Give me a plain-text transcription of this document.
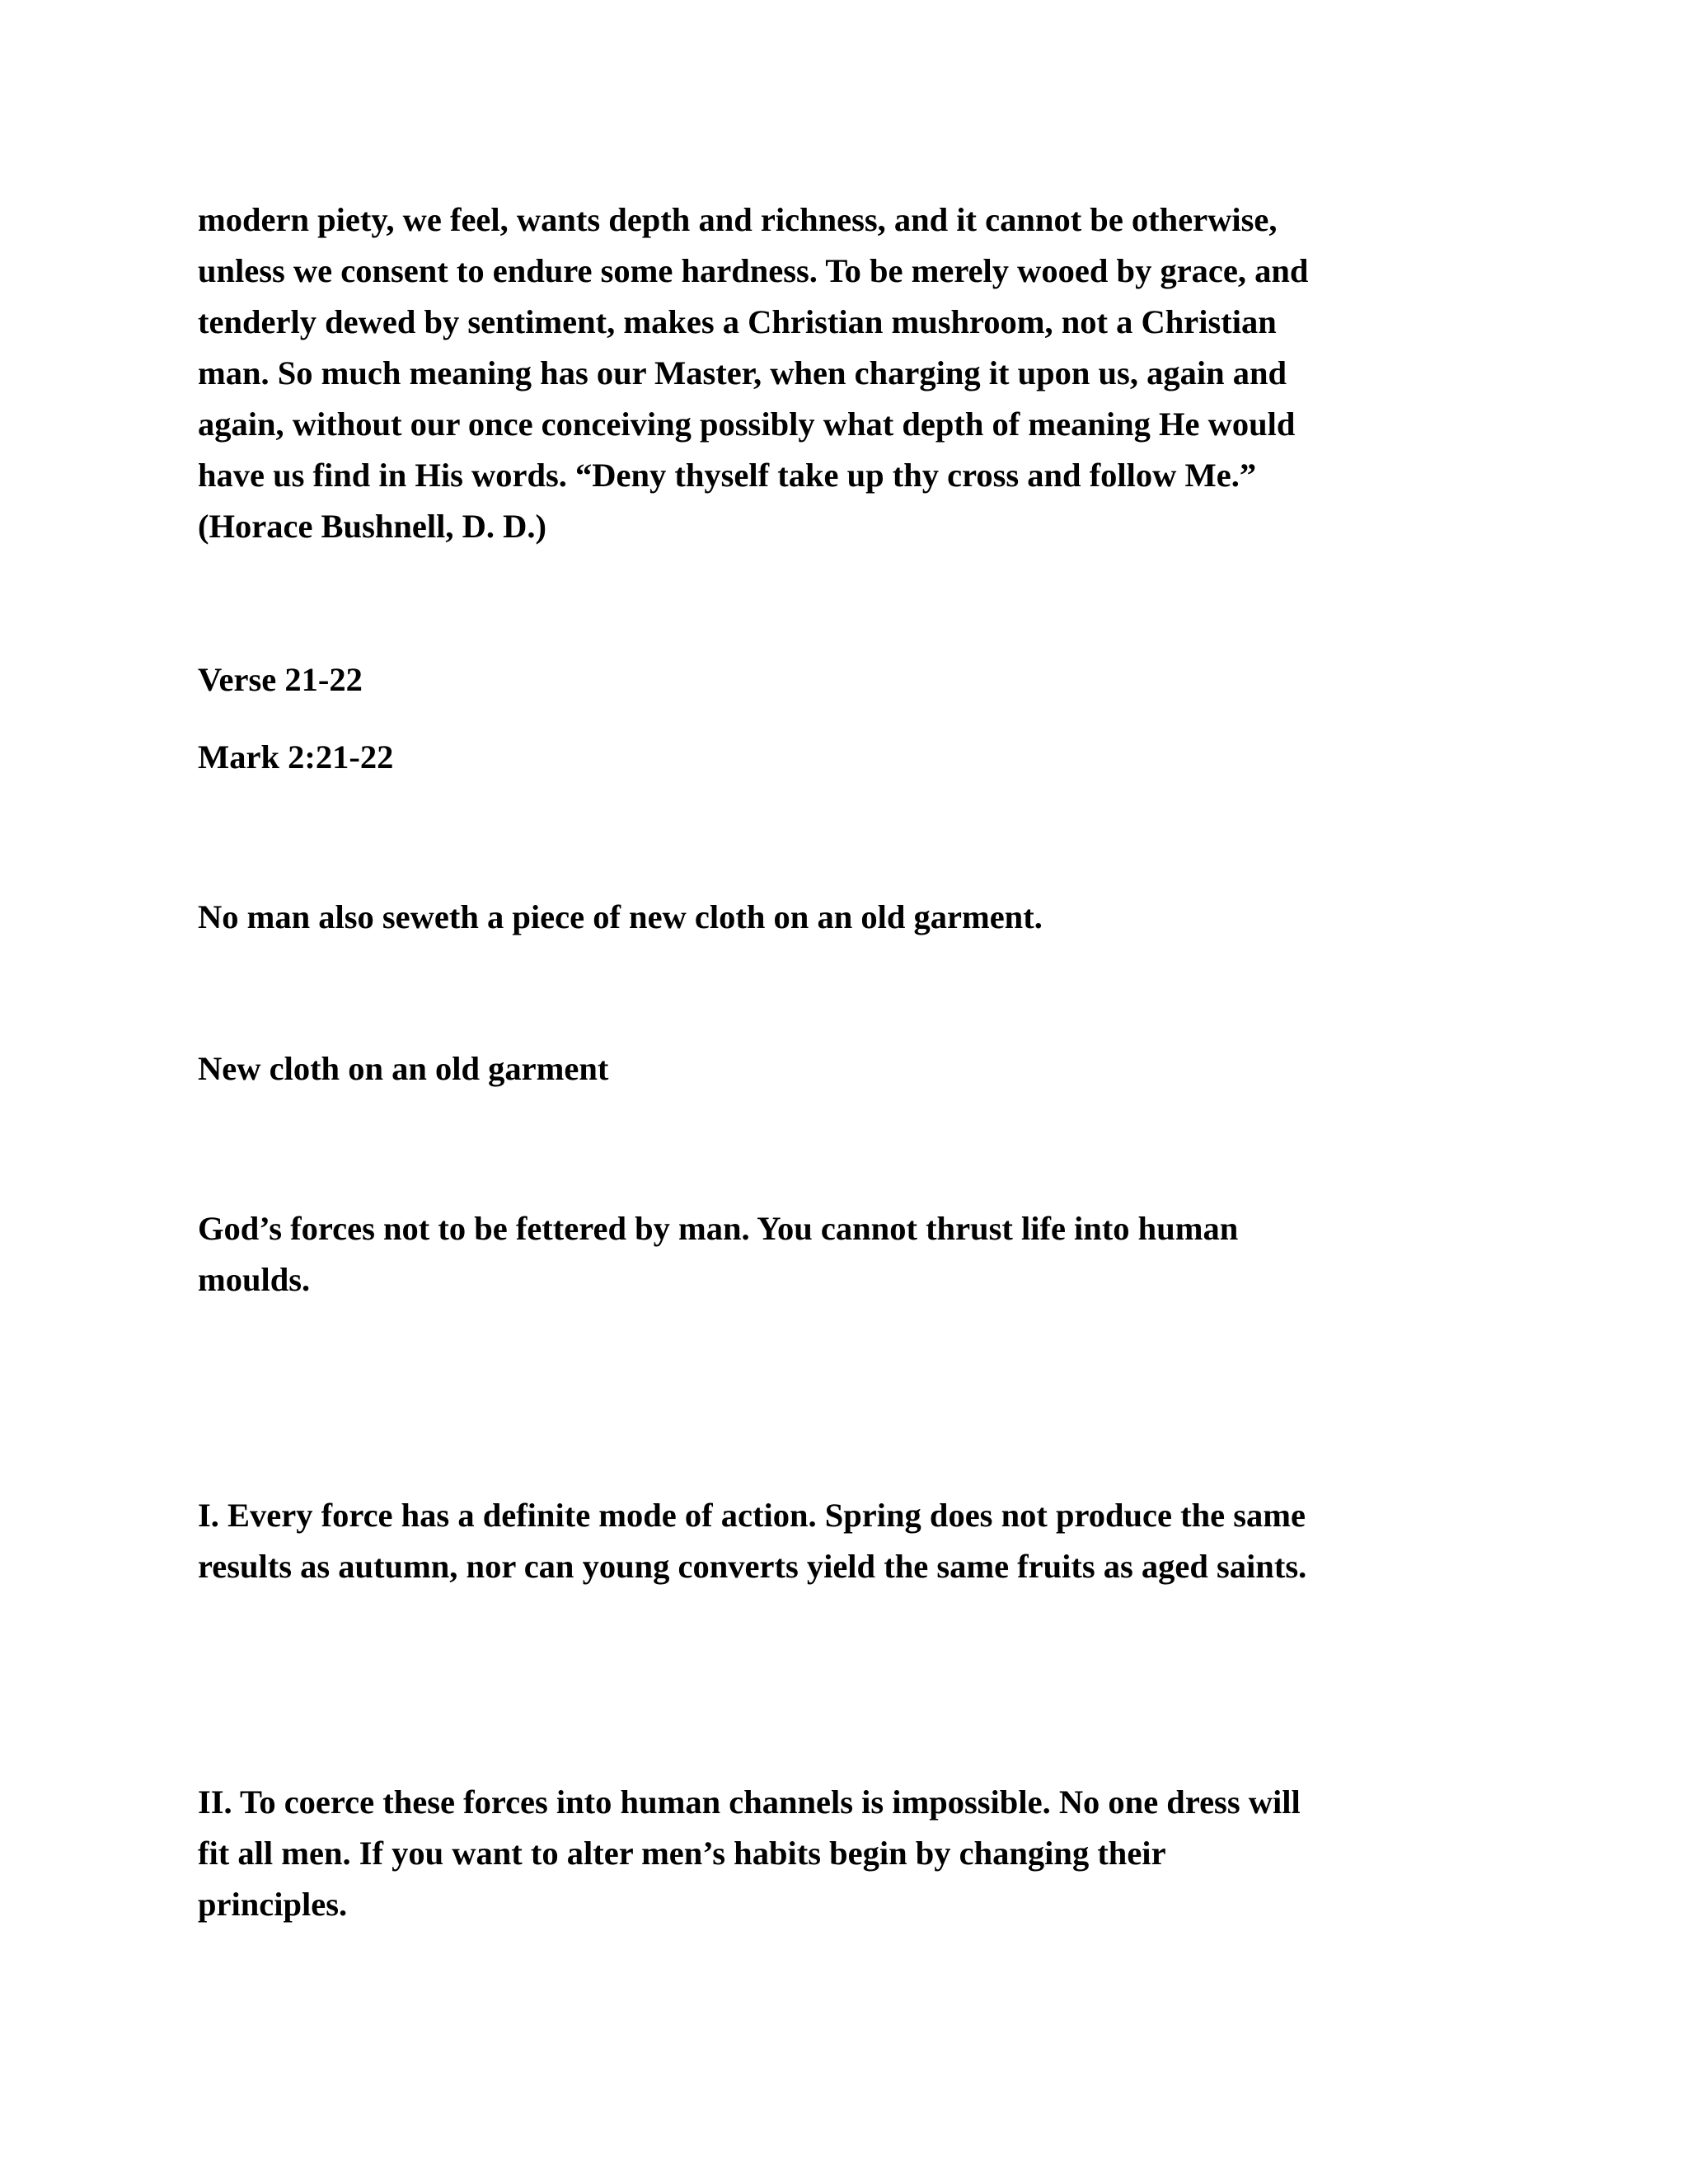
modern piety, we feel, wants depth and richness, and it cannot be otherwise,
unless we consent to endure some hardness. To be merely wooed by grace, and
tenderly dewed by sentiment, makes a Christian mushroom, not a Christian
man. So much meaning has our Master, when charging it upon us, again and
again, without our once conceiving possibly what depth of meaning He would
have us find in His words. “Deny thyself take up thy cross and follow Me.”
(Horace Bushnell, D. D.)
Verse 21-22
Mark 2:21-22
No man also seweth a piece of new cloth on an old garment.
New cloth on an old garment
God’s forces not to be fettered by man. You cannot thrust life into human
moulds.
I. Every force has a definite mode of action. Spring does not produce the same
results as autumn, nor can young converts yield the same fruits as aged saints.
II. To coerce these forces into human channels is impossible. No one dress will
fit all men. If you want to alter men’s habits begin by changing their
principles.
